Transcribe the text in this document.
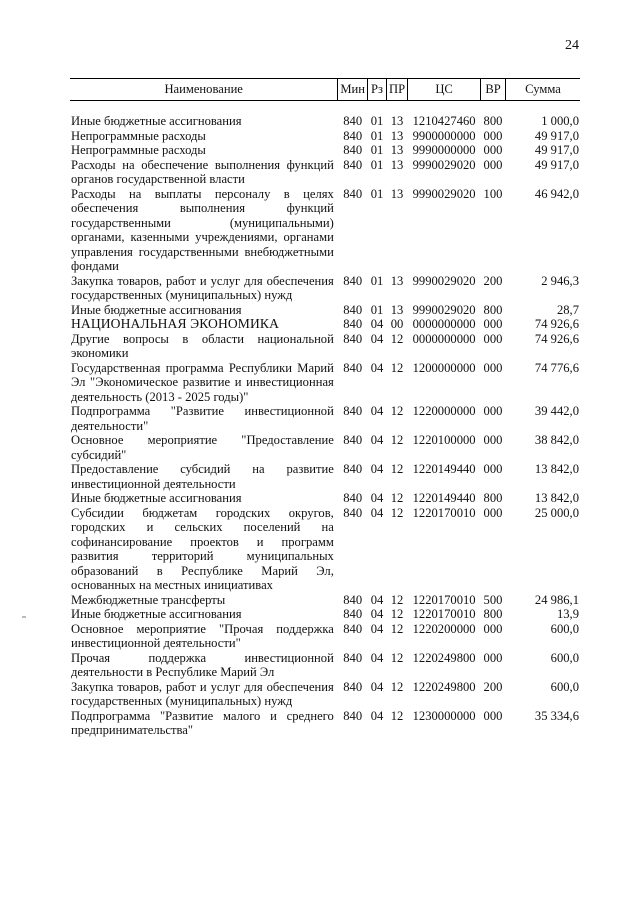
24
Наименование	Мин	Рз	ПР	ЦС	ВР	Сумма

Иные бюджетные ассигнования	840	01	13	1210427460	800	1 000,0
Непрограммные расходы	840	01	13	9900000000	000	49 917,0
Непрограммные расходы	840	01	13	9990000000	000	49 917,0
Расходы на обеспечение выполнения функций органов государственной власти	840	01	13	9990029020	000	49 917,0
Расходы на выплаты персоналу в целях обеспечения выполнения функций государственными (муниципальными) органами, казенными учреждениями, органами управления государственными внебюджетными фондами	840	01	13	9990029020	100	46 942,0
Закупка товаров, работ и услуг для обеспечения государственных (муниципальных) нужд	840	01	13	9990029020	200	2 946,3
Иные бюджетные ассигнования	840	01	13	9990029020	800	28,7
НАЦИОНАЛЬНАЯ ЭКОНОМИКА	840	04	00	0000000000	000	74 926,6
Другие вопросы в области национальной экономики	840	04	12	0000000000	000	74 926,6
Государственная программа Республики Марий Эл "Экономическое развитие и инвестиционная деятельность (2013 - 2025 годы)"	840	04	12	1200000000	000	74 776,6
Подпрограмма "Развитие инвестиционной деятельности"	840	04	12	1220000000	000	39 442,0
Основное мероприятие "Предоставление субсидий"	840	04	12	1220100000	000	38 842,0
Предоставление субсидий на развитие инвестиционной деятельности	840	04	12	1220149440	000	13 842,0
Иные бюджетные ассигнования	840	04	12	1220149440	800	13 842,0
Субсидии бюджетам городских округов, городских и сельских поселений на софинансирование проектов и программ развития территорий муниципальных образований в Республике Марий Эл, основанных на местных инициативах	840	04	12	1220170010	000	25 000,0
Межбюджетные трансферты	840	04	12	1220170010	500	24 986,1
Иные бюджетные ассигнования	840	04	12	1220170010	800	13,9
Основное мероприятие "Прочая поддержка инвестиционной деятельности"	840	04	12	1220200000	000	600,0
Прочая поддержка инвестиционной деятельности в Республике Марий Эл	840	04	12	1220249800	000	600,0
Закупка товаров, работ и услуг для обеспечения государственных (муниципальных) нужд	840	04	12	1220249800	200	600,0
Подпрограмма "Развитие малого и среднего предпринимательства"	840	04	12	1230000000	000	35 334,6
